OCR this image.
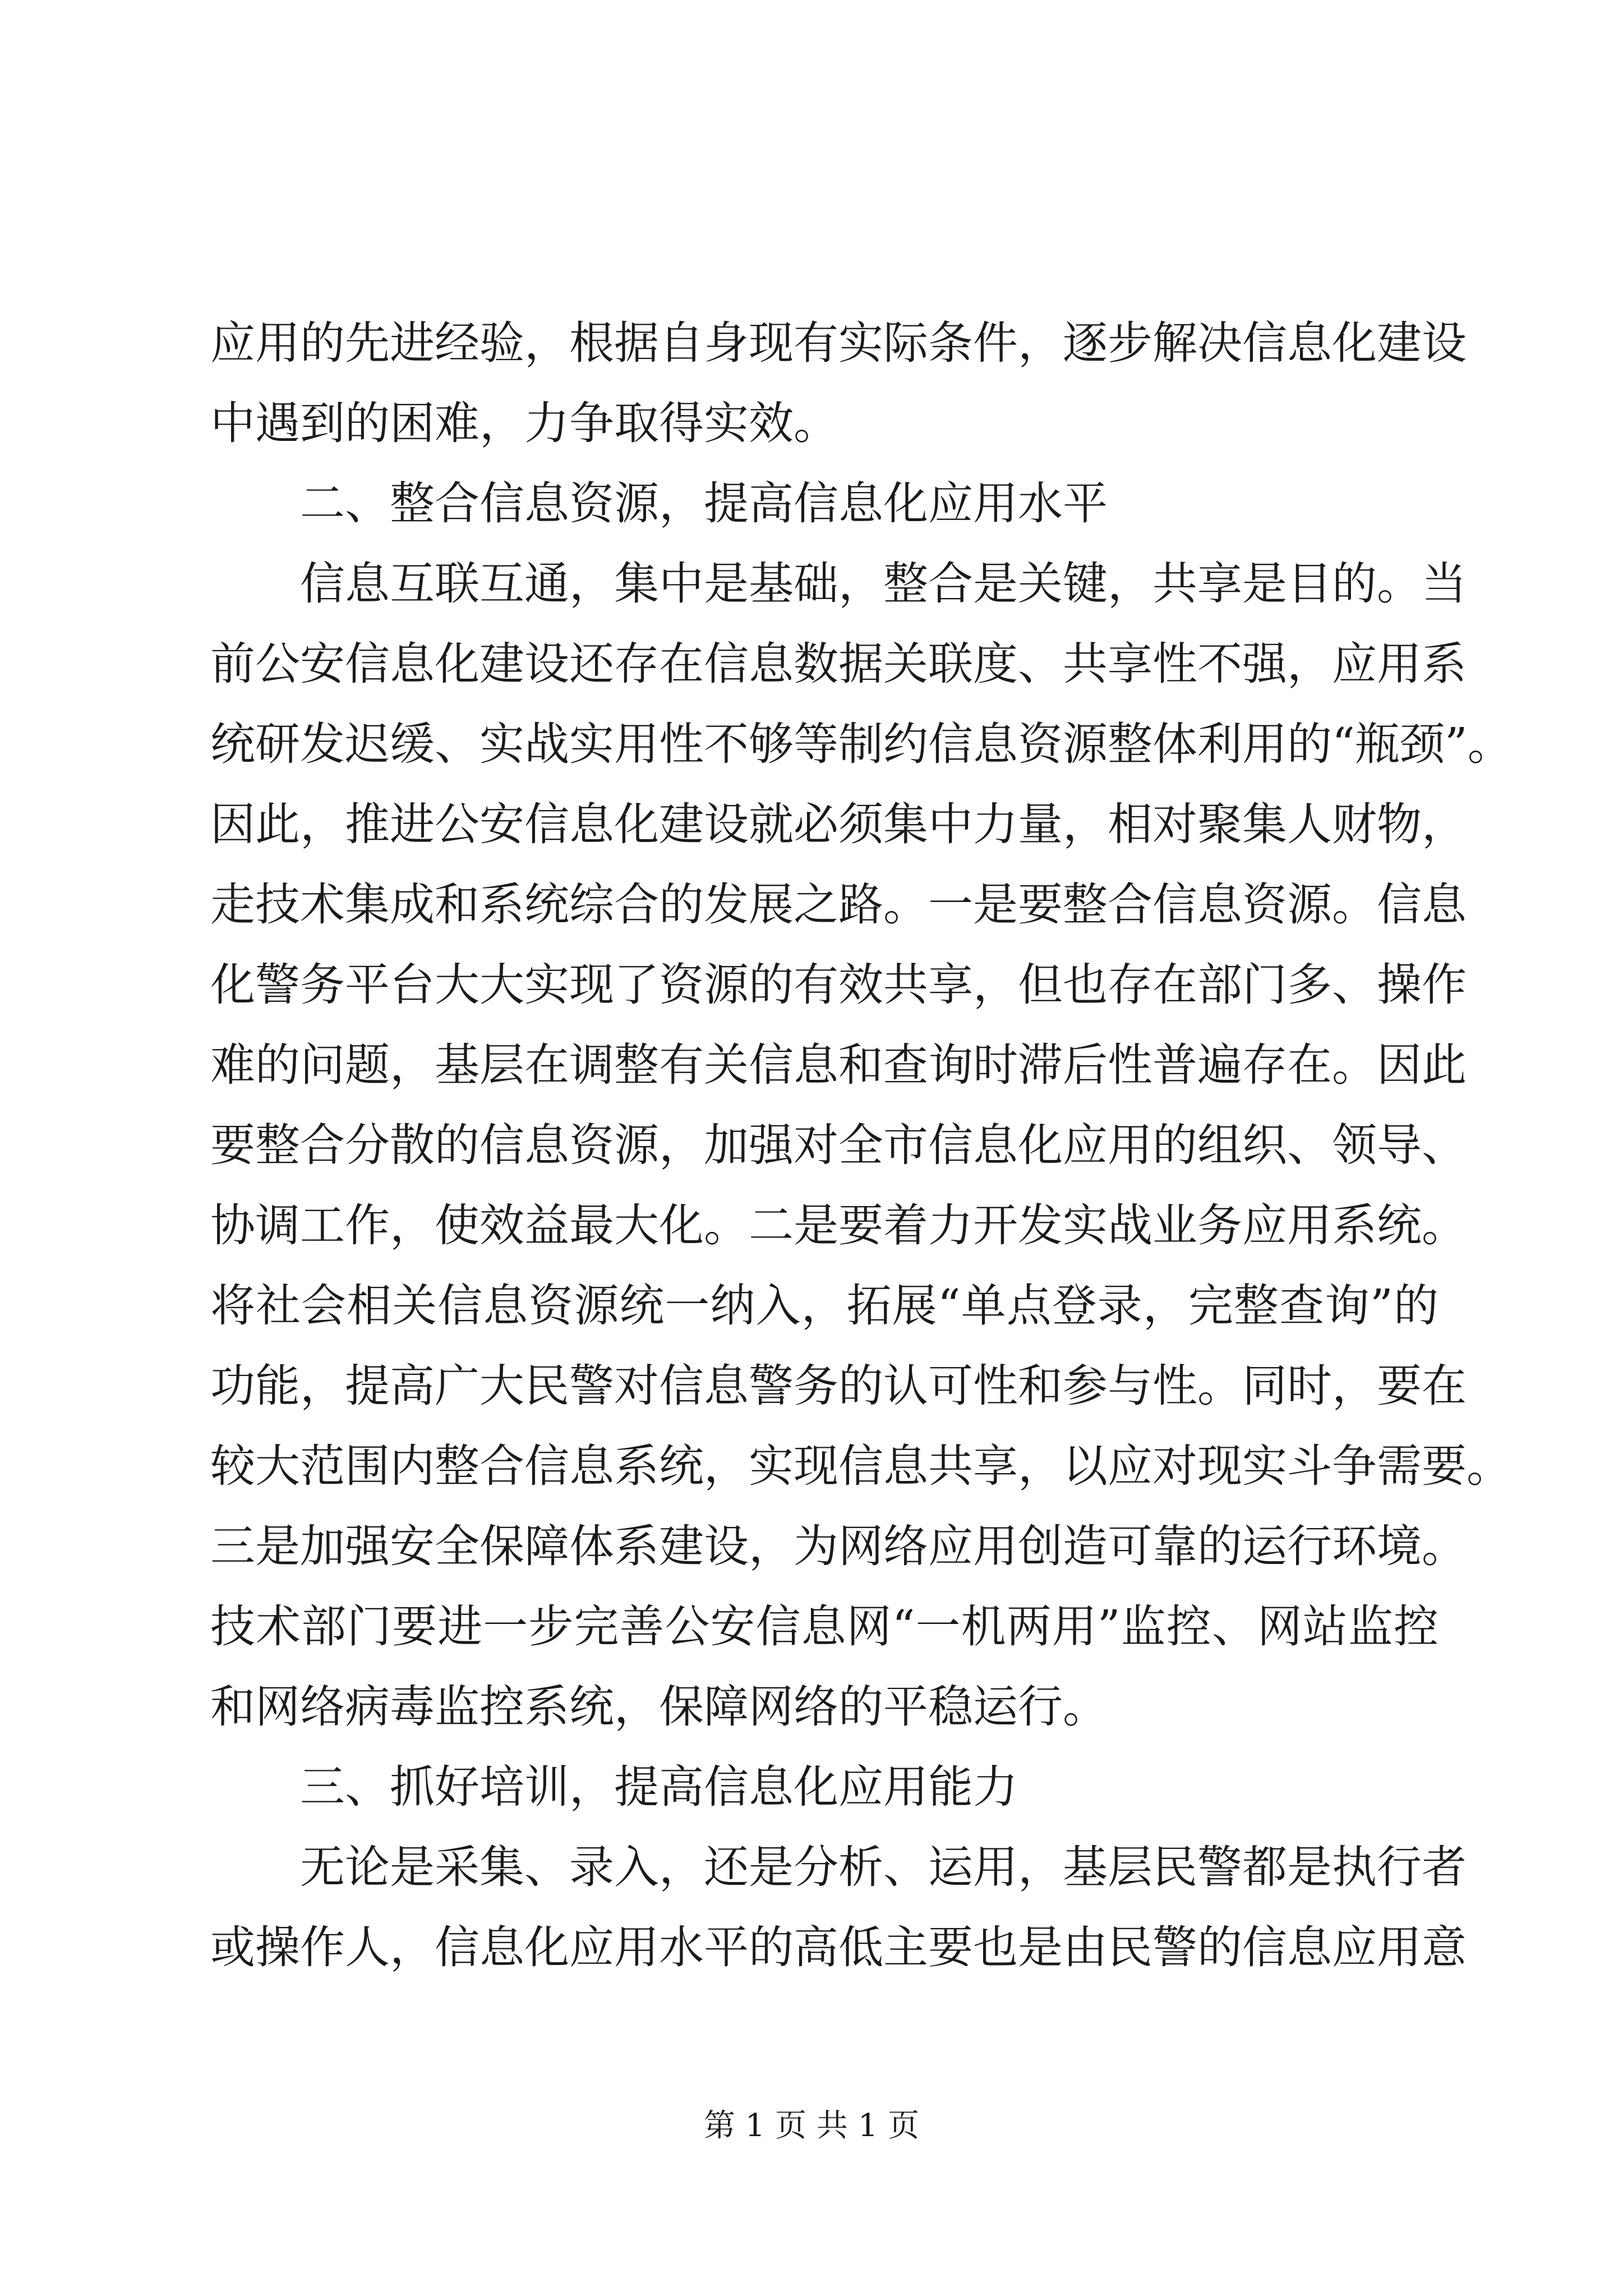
应用的先进经验，根据自身现有实际条件，逐步解决信息化建设
中遇到的困难，力争取得实效。
二、整合信息资源，提高信息化应用水平
信息互联互通，集中是基础，整合是关键，共享是目的。当
前公安信息化建设还存在信息数据关联度、共享性不强，应用系
统研发迟缓、实战实用性不够等制约信息资源整体利用的“瓶颈”。
因此，推进公安信息化建设就必须集中力量，相对聚集人财物，
走技术集成和系统综合的发展之路。一是要整合信息资源。信息
化警务平台大大实现了资源的有效共享，但也存在部门多、操作
难的问题，基层在调整有关信息和查询时滞后性普遍存在。因此
要整合分散的信息资源，加强对全市信息化应用的组织、领导、
协调工作，使效益最大化。二是要着力开发实战业务应用系统。
将社会相关信息资源统一纳入，拓展“单点登录，完整查询”的
功能，提高广大民警对信息警务的认可性和参与性。同时，要在
较大范围内整合信息系统，实现信息共享，以应对现实斗争需要。
三是加强安全保障体系建设，为网络应用创造可靠的运行环境。
技术部门要进一步完善公安信息网“一机两用”监控、网站监控
和网络病毒监控系统，保障网络的平稳运行。
三、抓好培训，提高信息化应用能力
无论是采集、录入，还是分析、运用，基层民警都是执行者
或操作人，信息化应用水平的高低主要也是由民警的信息应用意
第 1 页 共 1 页
